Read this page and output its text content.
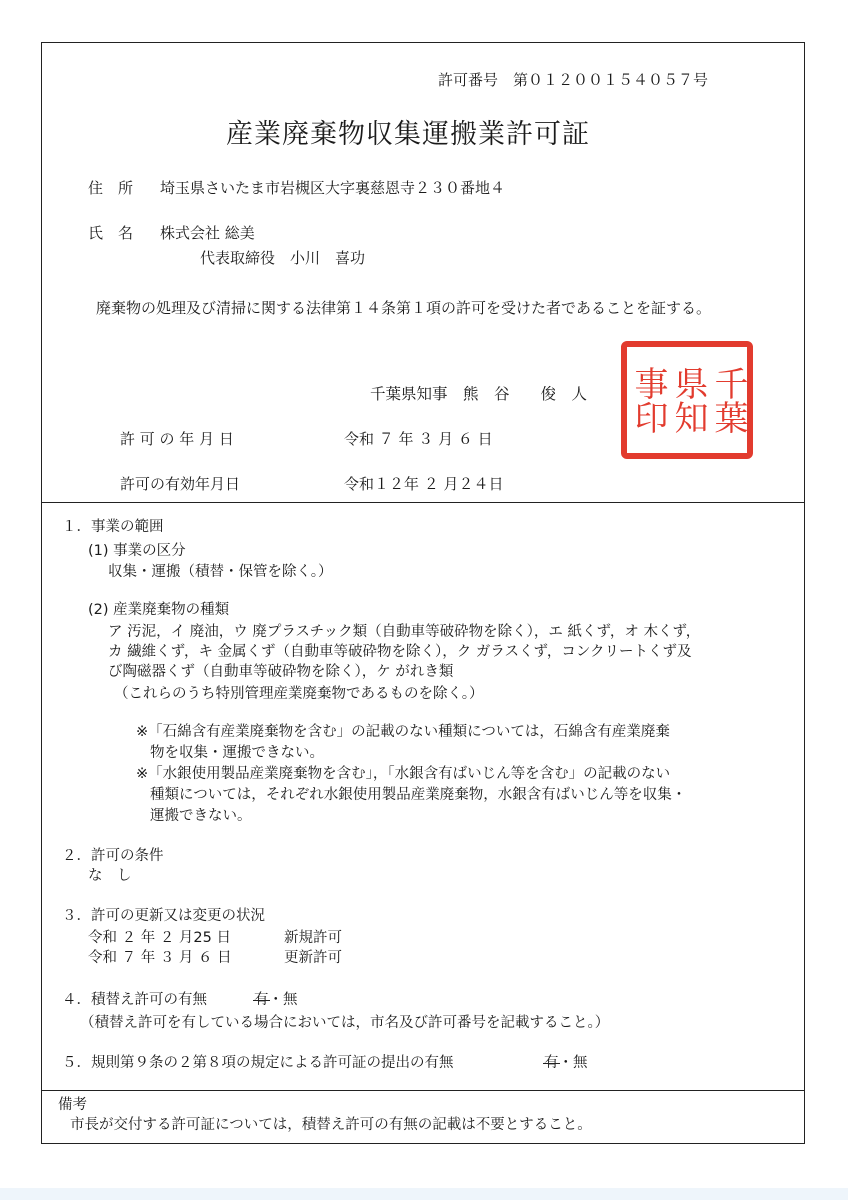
許可番号　第０１２００１５４０５７号
産業廃棄物収集運搬業許可証
住　所 埼玉県さいたま市岩槻区大字裏慈恩寺２３０番地４
氏　名 株式会社 総美
代表取締役　小川　喜功
廃棄物の処理及び清掃に関する法律第１４条第１項の許可を受けた者であることを証する。
千葉県知事　熊　谷　　俊　人	千葉
県知
事印
許 可 の 年 月 日	令和 ７ 年 ３ 月 ６ 日
許可の有効年月日	令和１２年 ２ 月２４日
１．事業の範囲
(1) 事業の区分
収集・運搬（積替・保管を除く。）
(2) 産業廃棄物の種類
ア 汚泥，イ 廃油，ウ 廃プラスチック類（自動車等破砕物を除く），エ 紙くず，オ 木くず，
カ 繊維くず，キ 金属くず（自動車等破砕物を除く），ク ガラスくず，コンクリートくず及
び陶磁器くず（自動車等破砕物を除く），ケ がれき類
（これらのうち特別管理産業廃棄物であるものを除く。）
※「石綿含有産業廃棄物を含む」の記載のない種類については，石綿含有産業廃棄
物を収集・運搬できない。
※「水銀使用製品産業廃棄物を含む」，「水銀含有ばいじん等を含む」の記載のない
種類については，それぞれ水銀使用製品産業廃棄物，水銀含有ばいじん等を収集・
運搬できない。
２．許可の条件
な　し
３．許可の更新又は変更の状況
令和 ２ 年 ２ 月25 日	新規許可
令和 ７ 年 ３ 月 ６ 日	更新許可
４．積替え許可の有無	有・無
（積替え許可を有している場合においては，市名及び許可番号を記載すること。）
５．規則第９条の２第８項の規定による許可証の提出の有無	有・無
備考
市長が交付する許可証については，積替え許可の有無の記載は不要とすること。
